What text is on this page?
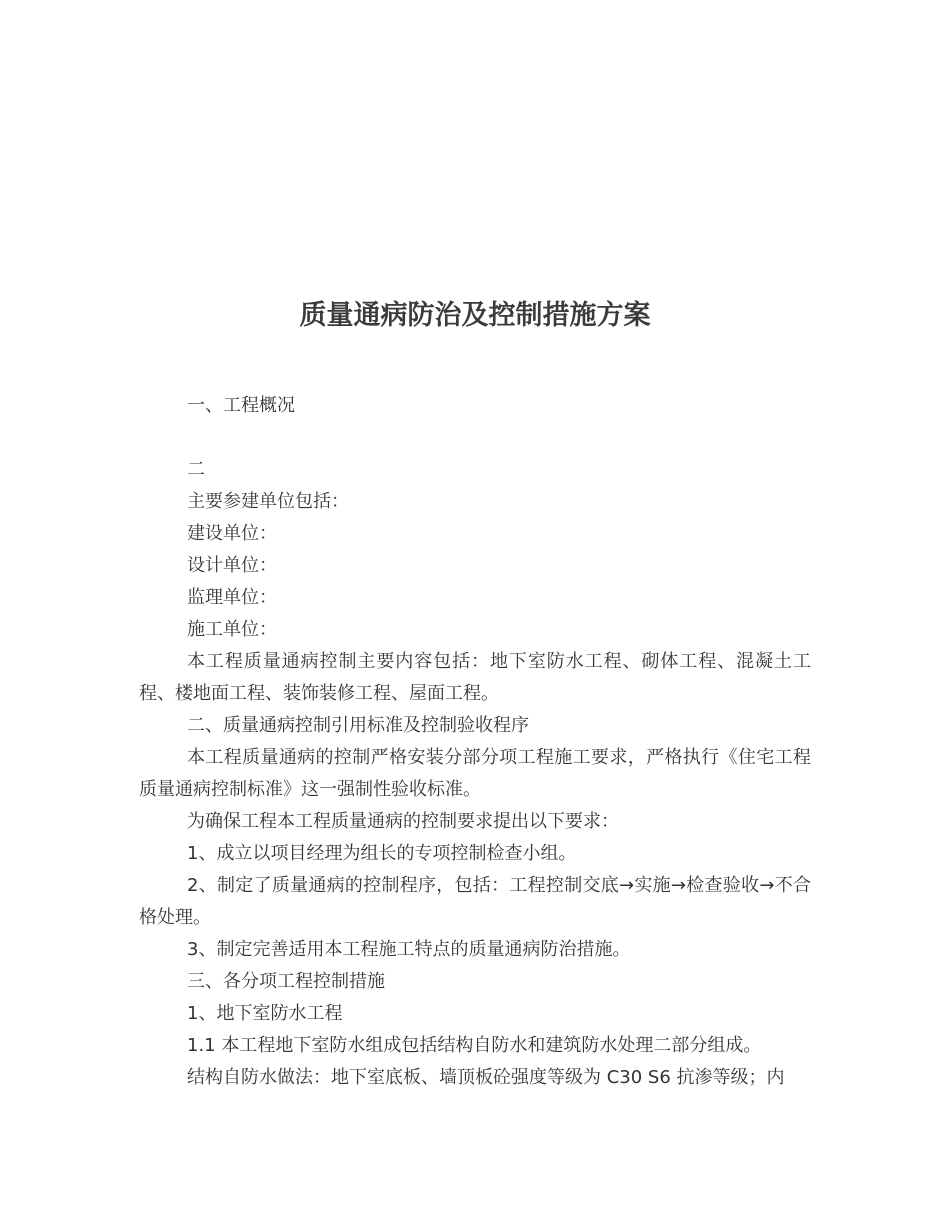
质量通病防治及控制措施方案

一、工程概况

二

主要参建单位包括：

建设单位：

设计单位：

监理单位：

施工单位：

本工程质量通病控制主要内容包括：地下室防水工程、砌体工程、混凝土工程、楼地面工程、装饰装修工程、屋面工程。

二、质量通病控制引用标准及控制验收程序

本工程质量通病的控制严格安装分部分项工程施工要求，严格执行《住宅工程质量通病控制标准》这一强制性验收标准。

为确保工程本工程质量通病的控制要求提出以下要求：

1、成立以项目经理为组长的专项控制检查小组。

2、制定了质量通病的控制程序，包括：工程控制交底→实施→检查验收→不合格处理。

3、制定完善适用本工程施工特点的质量通病防治措施。

三、各分项工程控制措施

1、地下室防水工程

1.1 本工程地下室防水组成包括结构自防水和建筑防水处理二部分组成。

结构自防水做法：地下室底板、墙顶板砼强度等级为 C30 S6 抗渗等级；内
